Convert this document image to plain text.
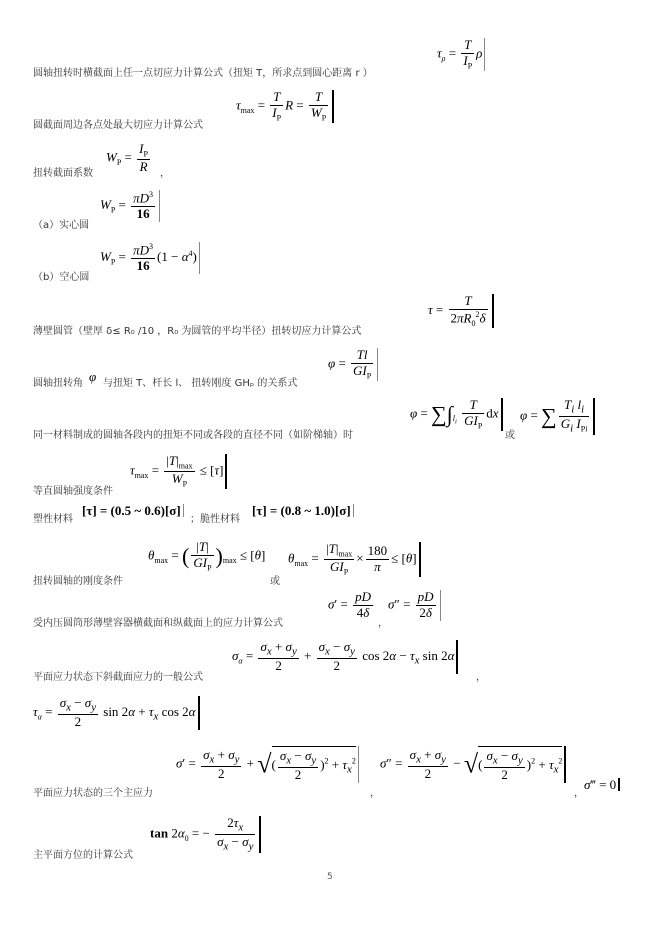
圆轴扭转时横截面上任一点切应力计算公式（扭矩 T，所求点到圆心距离 r ）
$\tau_\rho = \frac{T}{I_P}$ ρ
圆截面周边各点处最大切应力计算公式
$\tau_{max} = \frac{T}{I_P}$ $R = \frac{T}{W_P}$
扭转截面系数
$W_P = \frac{I_P}{R}$ ，
（a）实心圆
$W_P = \frac{\pi D^3}{16}$
（b）空心圆
$W_P = \frac{\pi D^3}{16} (1 - \alpha^4)$
薄壁圆管（壁厚 δ≤ R₀ /10 ，R₀ 为圆管的平均半径）扭转切应力计算公式
$\tau = \frac{T}{2\pi R_0^2\delta}$
圆轴扭转角 φ 与扭矩 T、杆长 l、 扭转刚度 GHₚ 的关系式
$\varphi = \frac{Tl}{GI_P}$
同一材料制成的圆轴各段内的扭矩不同或各段的直径不同（如阶梯轴）时
$\varphi = \sum\int_{l_i} \frac{T}{GI_P}$ dx
或
φ = ∑ $\frac{T_i l_i}{G_i I_{Pi}}$
等直圆轴强度条件
$\tau_{max} = \frac{|T|_{max}}{W_P} \le [\tau]$
塑性材料
[τ] = (0.5 ~ 0.6)[σ]
；脆性材料
[τ] = (0.8 ~ 1.0)[σ]
扭转圆轴的刚度条件
$\theta_{max}$ = ( $\frac{|T|}{GI_P} )_{max} \le [\theta]$
或
$\theta_{max} = \frac{|T|_{max}}{GI_P} \times \frac{180}{\pi} \le [\theta]$
受内压圆筒形薄壁容器横截面和纵截面上的应力计算公式
$\sigma' = \frac{pD}{4\delta}$
，
$\sigma'' = \frac{pD}{2\delta}$
平面应力状态下斜截面应力的一般公式
$\sigma_\alpha = \frac{\sigma_x + \sigma_y}{2} + \frac{\sigma_x - \sigma_y}{2}$ $\cos 2\alpha - \tau_x$ sin 2α
，
$\tau_\alpha = \frac{\sigma_x - \sigma_y}{2}$ $\sin 2\alpha + \tau_x$ cos 2α
平面应力状态的三个主应力
$\sigma' = \frac{\sigma_x + \sigma_y}{2}$ + √( $\frac{\sigma_x - \sigma_y}{2} )^2 + \tau_x^2$
，
$\sigma'' = \frac{\sigma_x + \sigma_y}{2}$ − √( $\frac{\sigma_x - \sigma_y}{2} )^2 + \tau_x^2$
，
σ‴ = 0
主平面方位的计算公式
$\tan 2\alpha_0$ = − $\frac{2\tau_x}{\sigma_x - \sigma_y}$
5
